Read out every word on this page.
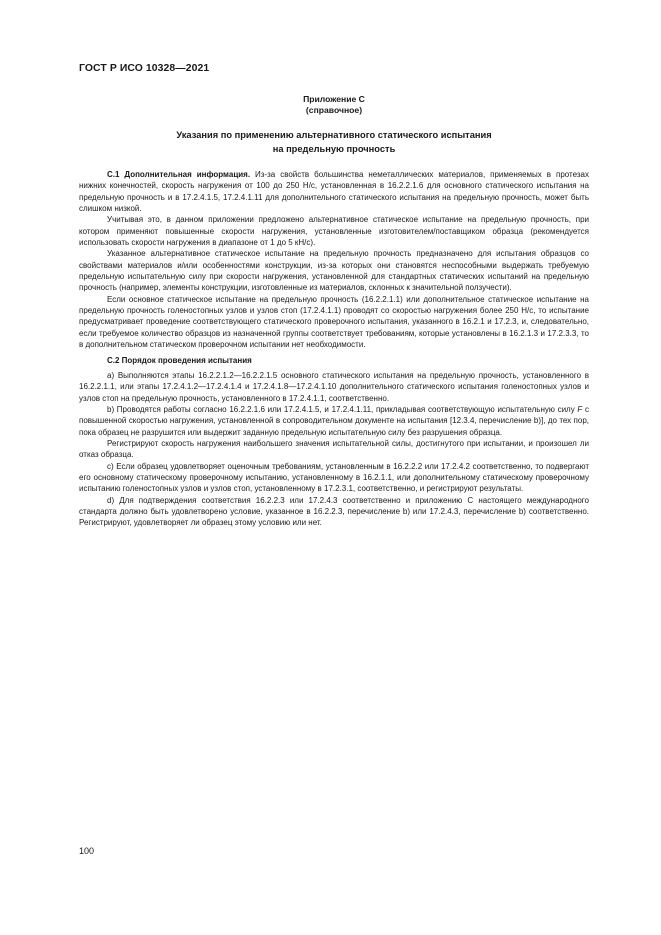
ГОСТ Р ИСО 10328—2021
Приложение С
(справочное)
Указания по применению альтернативного статического испытания
на предельную прочность

С.1 Дополнительная информация. Из-за свойств большинства неметаллических материалов, применяемых в протезах нижних конечностей, скорость нагружения от 100 до 250 Н/с, установленная в 16.2.2.1.6 для основного статического испытания на предельную прочность и в 17.2.4.1.5, 17.2.4.1.11 для дополнительного статического испытания на предельную прочность, может быть слишком низкой.

Учитывая это, в данном приложении предложено альтернативное статическое испытание на предельную прочность, при котором применяют повышенные скорости нагружения, установленные изготовителем/поставщиком образца (рекомендуется использовать скорости нагружения в диапазоне от 1 до 5 кН/с).

Указанное альтернативное статическое испытание на предельную прочность предназначено для испытания образцов со свойствами материалов и/или особенностями конструкции, из-за которых они становятся неспособными выдержать требуемую предельную испытательную силу при скорости нагружения, установленной для стандартных статических испытаний на предельную прочность (например, элементы конструкции, изготовленные из материалов, склонных к значительной ползучести).

Если основное статическое испытание на предельную прочность (16.2.2.1.1) или дополнительное статическое испытание на предельную прочность голеностопных узлов и узлов стоп (17.2.4.1.1) проводят со скоростью нагружения более 250 Н/с, то испытание предусматривает проведение соответствующего статического проверочного испытания, указанного в 16.2.1 и 17.2.3, и, следовательно, если требуемое количество образцов из назначенной группы соответствует требованиям, которые установлены в 16.2.1.3 и 17.2.3.3, то в дополнительном статическом проверочном испытании нет необходимости.

С.2 Порядок проведения испытания

a) Выполняются этапы 16.2.2.1.2—16.2.2.1.5 основного статического испытания на предельную прочность, установленного в 16.2.2.1.1, или этапы 17.2.4.1.2—17.2.4.1.4 и 17.2.4.1.8—17.2.4.1.10 дополнительного статического испытания голеностопных узлов и узлов стоп на предельную прочность, установленного в 17.2.4.1.1, соответственно.

b) Проводятся работы согласно 16.2.2.1.6 или 17.2.4.1.5, и 17.2.4.1.11, прикладывая соответствующую испытательную силу F с повышенной скоростью нагружения, установленной в сопроводительном документе на испытания [12.3.4, перечисление b)], до тех пор, пока образец не разрушится или выдержит заданную предельную испытательную силу без разрушения образца.

Регистрируют скорость нагружения наибольшего значения испытательной силы, достигнутого при испытании, и произошел ли отказ образца.

c) Если образец удовлетворяет оценочным требованиям, установленным в 16.2.2.2 или 17.2.4.2 соответственно, то подвергают его основному статическому проверочному испытанию, установленному в 16.2.1.1, или дополнительному статическому проверочному испытанию голеностопных узлов и узлов стоп, установленному в 17.2.3.1, соответственно, и регистрируют результаты.

d) Для подтверждения соответствия 16.2.2.3 или 17.2.4.3 соответственно и приложению С настоящего международного стандарта должно быть удовлетворено условие, указанное в 16.2.2.3, перечисление b) или 17.2.4.3, перечисление b) соответственно. Регистрируют, удовлетворяет ли образец этому условию или нет.

100
